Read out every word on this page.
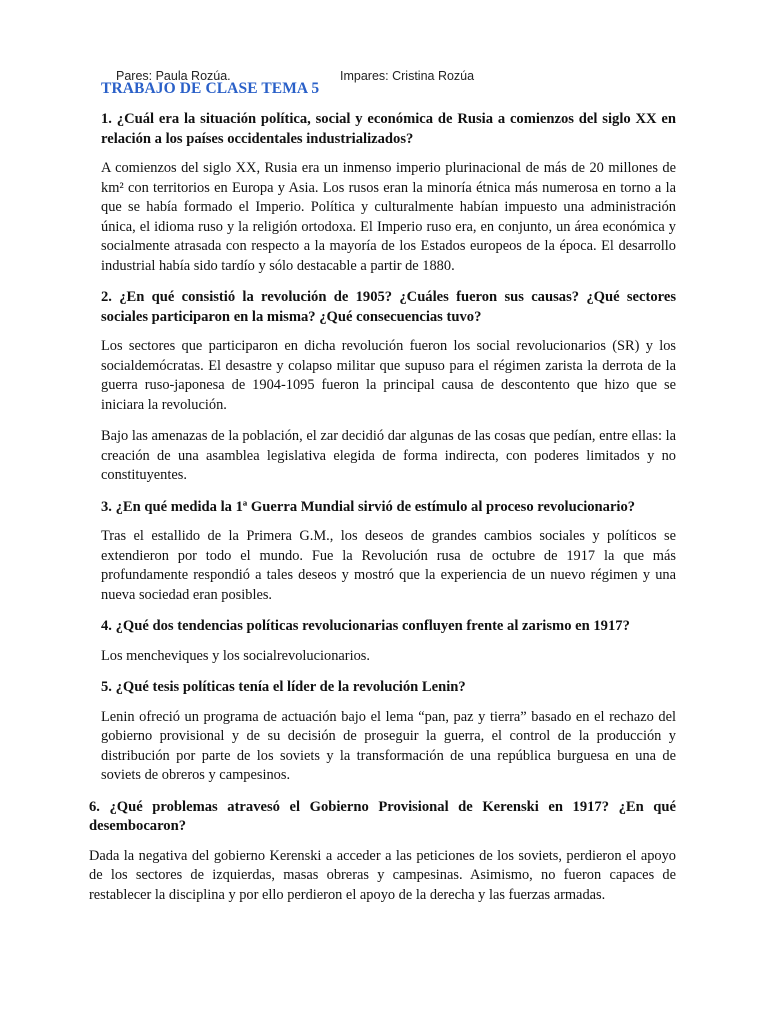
Pares: Paula Rozúa.	Impares: Cristina Rozúa
TRABAJO DE CLASE TEMA 5

1. ¿Cuál era la situación política, social y económica de Rusia a comienzos del siglo XX en relación a los países occidentales industrializados?

A comienzos del siglo XX, Rusia era un inmenso imperio plurinacional de más de 20 millones de km² con territorios en Europa y Asia. Los rusos eran la minoría étnica más numerosa en torno a la que se había formado el Imperio. Política y culturalmente habían impuesto una administración única, el idioma ruso y la religión ortodoxa. El Imperio ruso era, en conjunto, un área económica y socialmente atrasada con respecto a la mayoría de los Estados europeos de la época. El desarrollo industrial había sido tardío y sólo destacable a partir de 1880.

2. ¿En qué consistió la revolución de 1905? ¿Cuáles fueron sus causas? ¿Qué sectores sociales participaron en la misma? ¿Qué consecuencias tuvo?

Los sectores que participaron en dicha revolución fueron los social revolucionarios (SR) y los socialdemócratas. El desastre y colapso militar que supuso para el régimen zarista la derrota de la guerra ruso-japonesa de 1904-1095 fueron la principal causa de descontento que hizo que se iniciara la revolución.

Bajo las amenazas de la población, el zar decidió dar algunas de las cosas que pedían, entre ellas: la creación de una asamblea legislativa elegida de forma indirecta, con poderes limitados y no constituyentes.

3. ¿En qué medida la 1ª Guerra Mundial sirvió de estímulo al proceso revolucionario?

Tras el estallido de la Primera G.M., los deseos de grandes cambios sociales y políticos se extendieron por todo el mundo. Fue la Revolución rusa de octubre de 1917 la que más profundamente respondió a tales deseos y mostró que la experiencia de un nuevo régimen y una nueva sociedad eran posibles.

4. ¿Qué dos tendencias políticas revolucionarias confluyen frente al zarismo en 1917?

Los mencheviques y los socialrevolucionarios.

5. ¿Qué tesis políticas tenía el líder de la revolución Lenin?

Lenin ofreció un programa de actuación bajo el lema “pan, paz y tierra” basado en el rechazo del gobierno provisional y de su decisión de proseguir la guerra, el control de la producción y distribución por parte de los soviets y la transformación de una república burguesa en una de soviets de obreros y campesinos.

6. ¿Qué problemas atravesó el Gobierno Provisional de Kerenski en 1917? ¿En qué desembocaron?

Dada la negativa del gobierno Kerenski a acceder a las peticiones de los soviets, perdieron el apoyo de los sectores de izquierdas, masas obreras y campesinas. Asimismo, no fueron capaces de restablecer la disciplina y por ello perdieron el apoyo de la derecha y las fuerzas armadas.
